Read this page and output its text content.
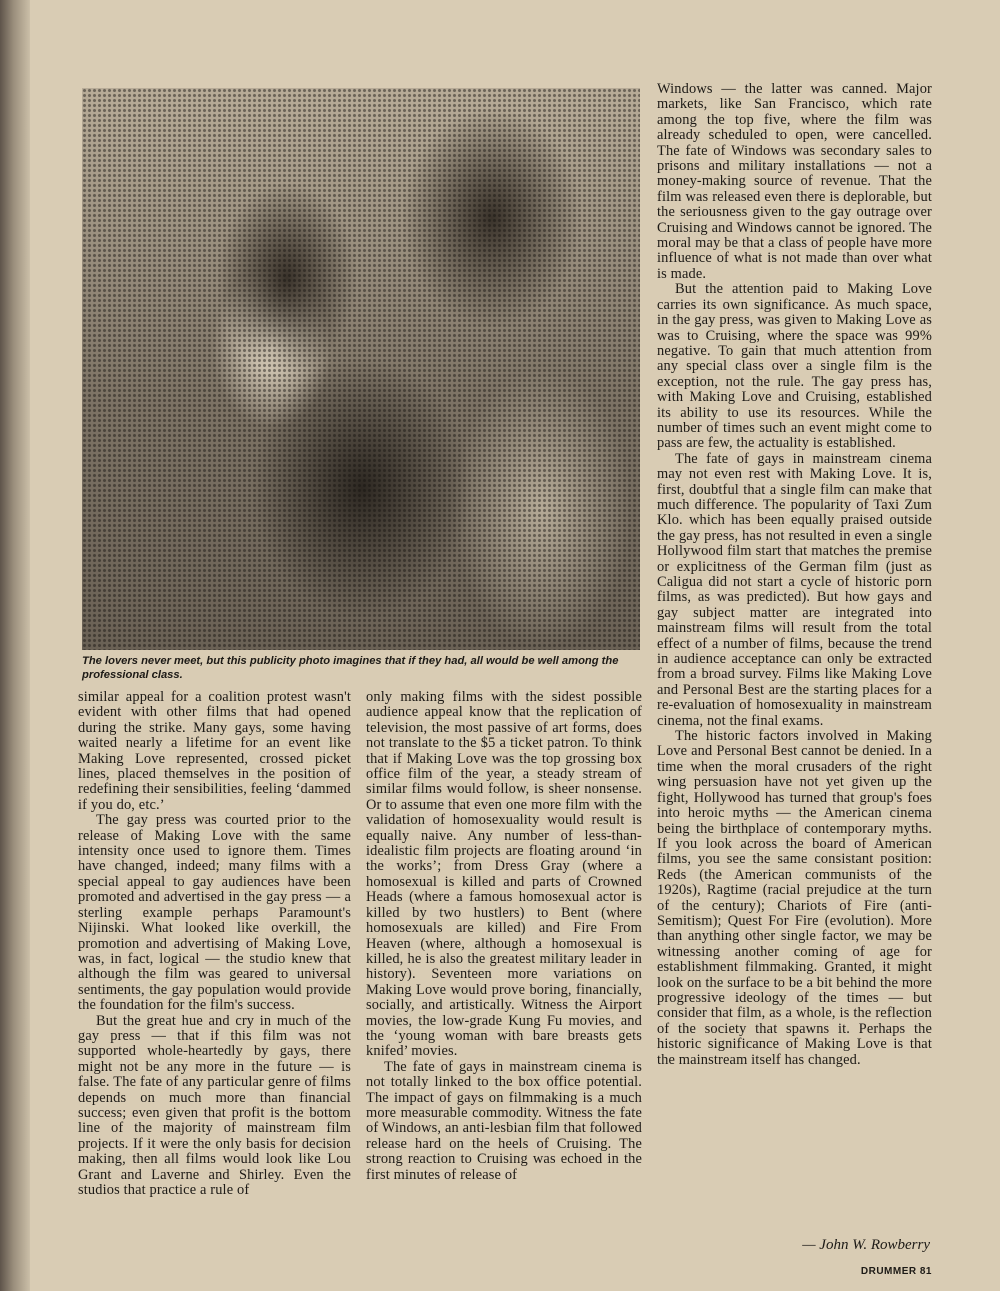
The lovers never meet, but this publicity photo imagines that if they had, all would be well among the professional class.

similar appeal for a coalition protest wasn't evident with other films that had opened during the strike. Many gays, some having waited nearly a lifetime for an event like Making Love represented, crossed picket lines, placed themselves in the position of redefining their sensibilities, feeling ‘dammed if you do, etc.’

The gay press was courted prior to the release of Making Love with the same intensity once used to ignore them. Times have changed, indeed; many films with a special appeal to gay audiences have been promoted and advertised in the gay press — a sterling example perhaps Paramount's Nijinski. What looked like overkill, the promotion and advertising of Making Love, was, in fact, logical — the studio knew that although the film was geared to universal sentiments, the gay population would provide the foundation for the film's success.

But the great hue and cry in much of the gay press — that if this film was not supported whole-heartedly by gays, there might not be any more in the future — is false. The fate of any particular genre of films depends on much more than financial success; even given that profit is the bottom line of the majority of mainstream film projects. If it were the only basis for decision making, then all films would look like Lou Grant and Laverne and Shirley. Even the studios that practice a rule of

only making films with the sidest possible audience appeal know that the replication of television, the most passive of art forms, does not translate to the $5 a ticket patron. To think that if Making Love was the top grossing box office film of the year, a steady stream of similar films would follow, is sheer nonsense. Or to assume that even one more film with the validation of homosexuality would result is equally naive. Any number of less-than-idealistic film projects are floating around ‘in the works’; from Dress Gray (where a homosexual is killed and parts of Crowned Heads (where a famous homosexual actor is killed by two hustlers) to Bent (where homosexuals are killed) and Fire From Heaven (where, although a homosexual is killed, he is also the greatest military leader in history). Seventeen more variations on Making Love would prove boring, financially, socially, and artistically. Witness the Airport movies, the low-grade Kung Fu movies, and the ‘young woman with bare breasts gets knifed’ movies.

The fate of gays in mainstream cinema is not totally linked to the box office potential. The impact of gays on filmmaking is a much more measurable commodity. Witness the fate of Windows, an anti-lesbian film that followed release hard on the heels of Cruising. The strong reaction to Cruising was echoed in the first minutes of release of

Windows — the latter was canned. Major markets, like San Francisco, which rate among the top five, where the film was already scheduled to open, were cancelled. The fate of Windows was secondary sales to prisons and military installations — not a money-making source of revenue. That the film was released even there is deplorable, but the seriousness given to the gay outrage over Cruising and Windows cannot be ignored. The moral may be that a class of people have more influence of what is not made than over what is made.

But the attention paid to Making Love carries its own significance. As much space, in the gay press, was given to Making Love as was to Cruising, where the space was 99% negative. To gain that much attention from any special class over a single film is the exception, not the rule. The gay press has, with Making Love and Cruising, established its ability to use its resources. While the number of times such an event might come to pass are few, the actuality is established.

The fate of gays in mainstream cinema may not even rest with Making Love. It is, first, doubtful that a single film can make that much difference. The popularity of Taxi Zum Klo. which has been equally praised outside the gay press, has not resulted in even a single Hollywood film start that matches the premise or explicitness of the German film (just as Caligua did not start a cycle of historic porn films, as was predicted). But how gays and gay subject matter are integrated into mainstream films will result from the total effect of a number of films, because the trend in audience acceptance can only be extracted from a broad survey. Films like Making Love and Personal Best are the starting places for a re-evaluation of homosexuality in mainstream cinema, not the final exams.

The historic factors involved in Making Love and Personal Best cannot be denied. In a time when the moral crusaders of the right wing persuasion have not yet given up the fight, Hollywood has turned that group's foes into heroic myths — the American cinema being the birthplace of contemporary myths. If you look across the board of American films, you see the same consistant position: Reds (the American communists of the 1920s), Ragtime (racial prejudice at the turn of the century); Chariots of Fire (anti-Semitism); Quest For Fire (evolution). More than anything other single factor, we may be witnessing another coming of age for establishment filmmaking. Granted, it might look on the surface to be a bit behind the more progressive ideology of the times — but consider that film, as a whole, is the reflection of the society that spawns it. Perhaps the historic significance of Making Love is that the mainstream itself has changed.

— John W. Rowberry
DRUMMER 81
